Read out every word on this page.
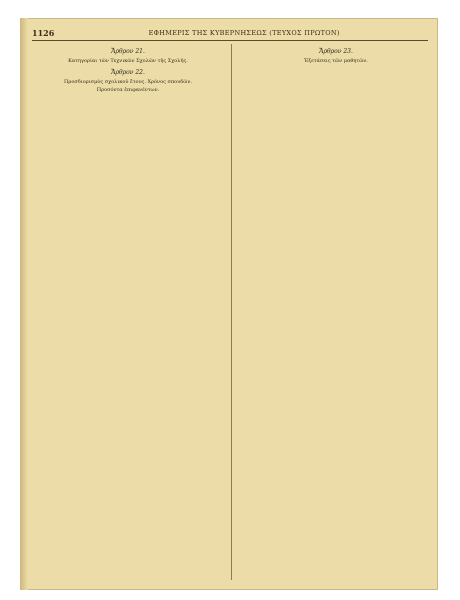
1126	ΕΦΗΜΕΡΙΣ ΤΗΣ ΚΥΒΕΡΝΗΣΕΩΣ (ΤΕΥΧΟΣ ΠΡΩΤΟΝ)
Ἄρθρον 21.
Κατηγορίαι τῶν Τεχνικῶν Σχολῶν τῆς Σχολῆς.
Ἄρθρον 22.
Προσδιορισμὸς σχολικοῦ ἔτους. Χρόνος σπουδῶν.
Προσόντα ἐπιφανέντων.
Ἄρθρον 23.
Ἐξετάσεις τῶν μαθητῶν.
